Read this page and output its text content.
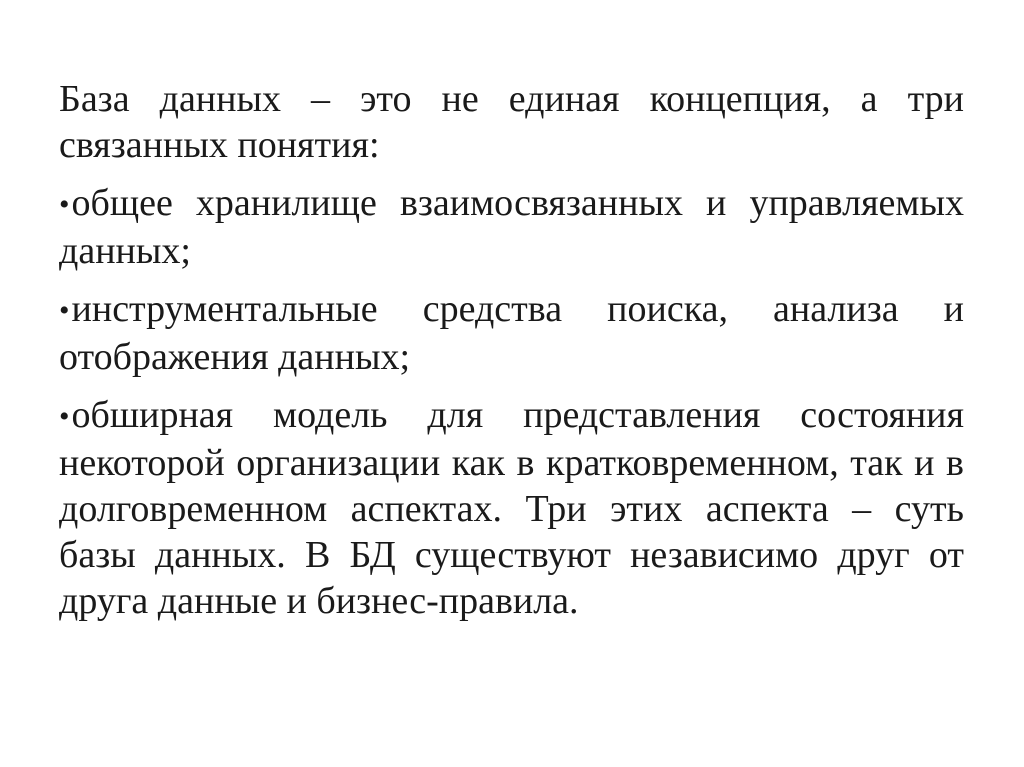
База данных – это не единая концепция, а три связанных понятия:

•общее хранилище взаимосвязанных и управляемых данных;

•инструментальные средства поиска, анализа и отображения данных;

•обширная модель для представления состояния некоторой организации как в кратковременном, так и в долговременном аспектах. Три этих аспекта – суть базы данных. В БД существуют независимо друг от друга данные и бизнес-правила.
